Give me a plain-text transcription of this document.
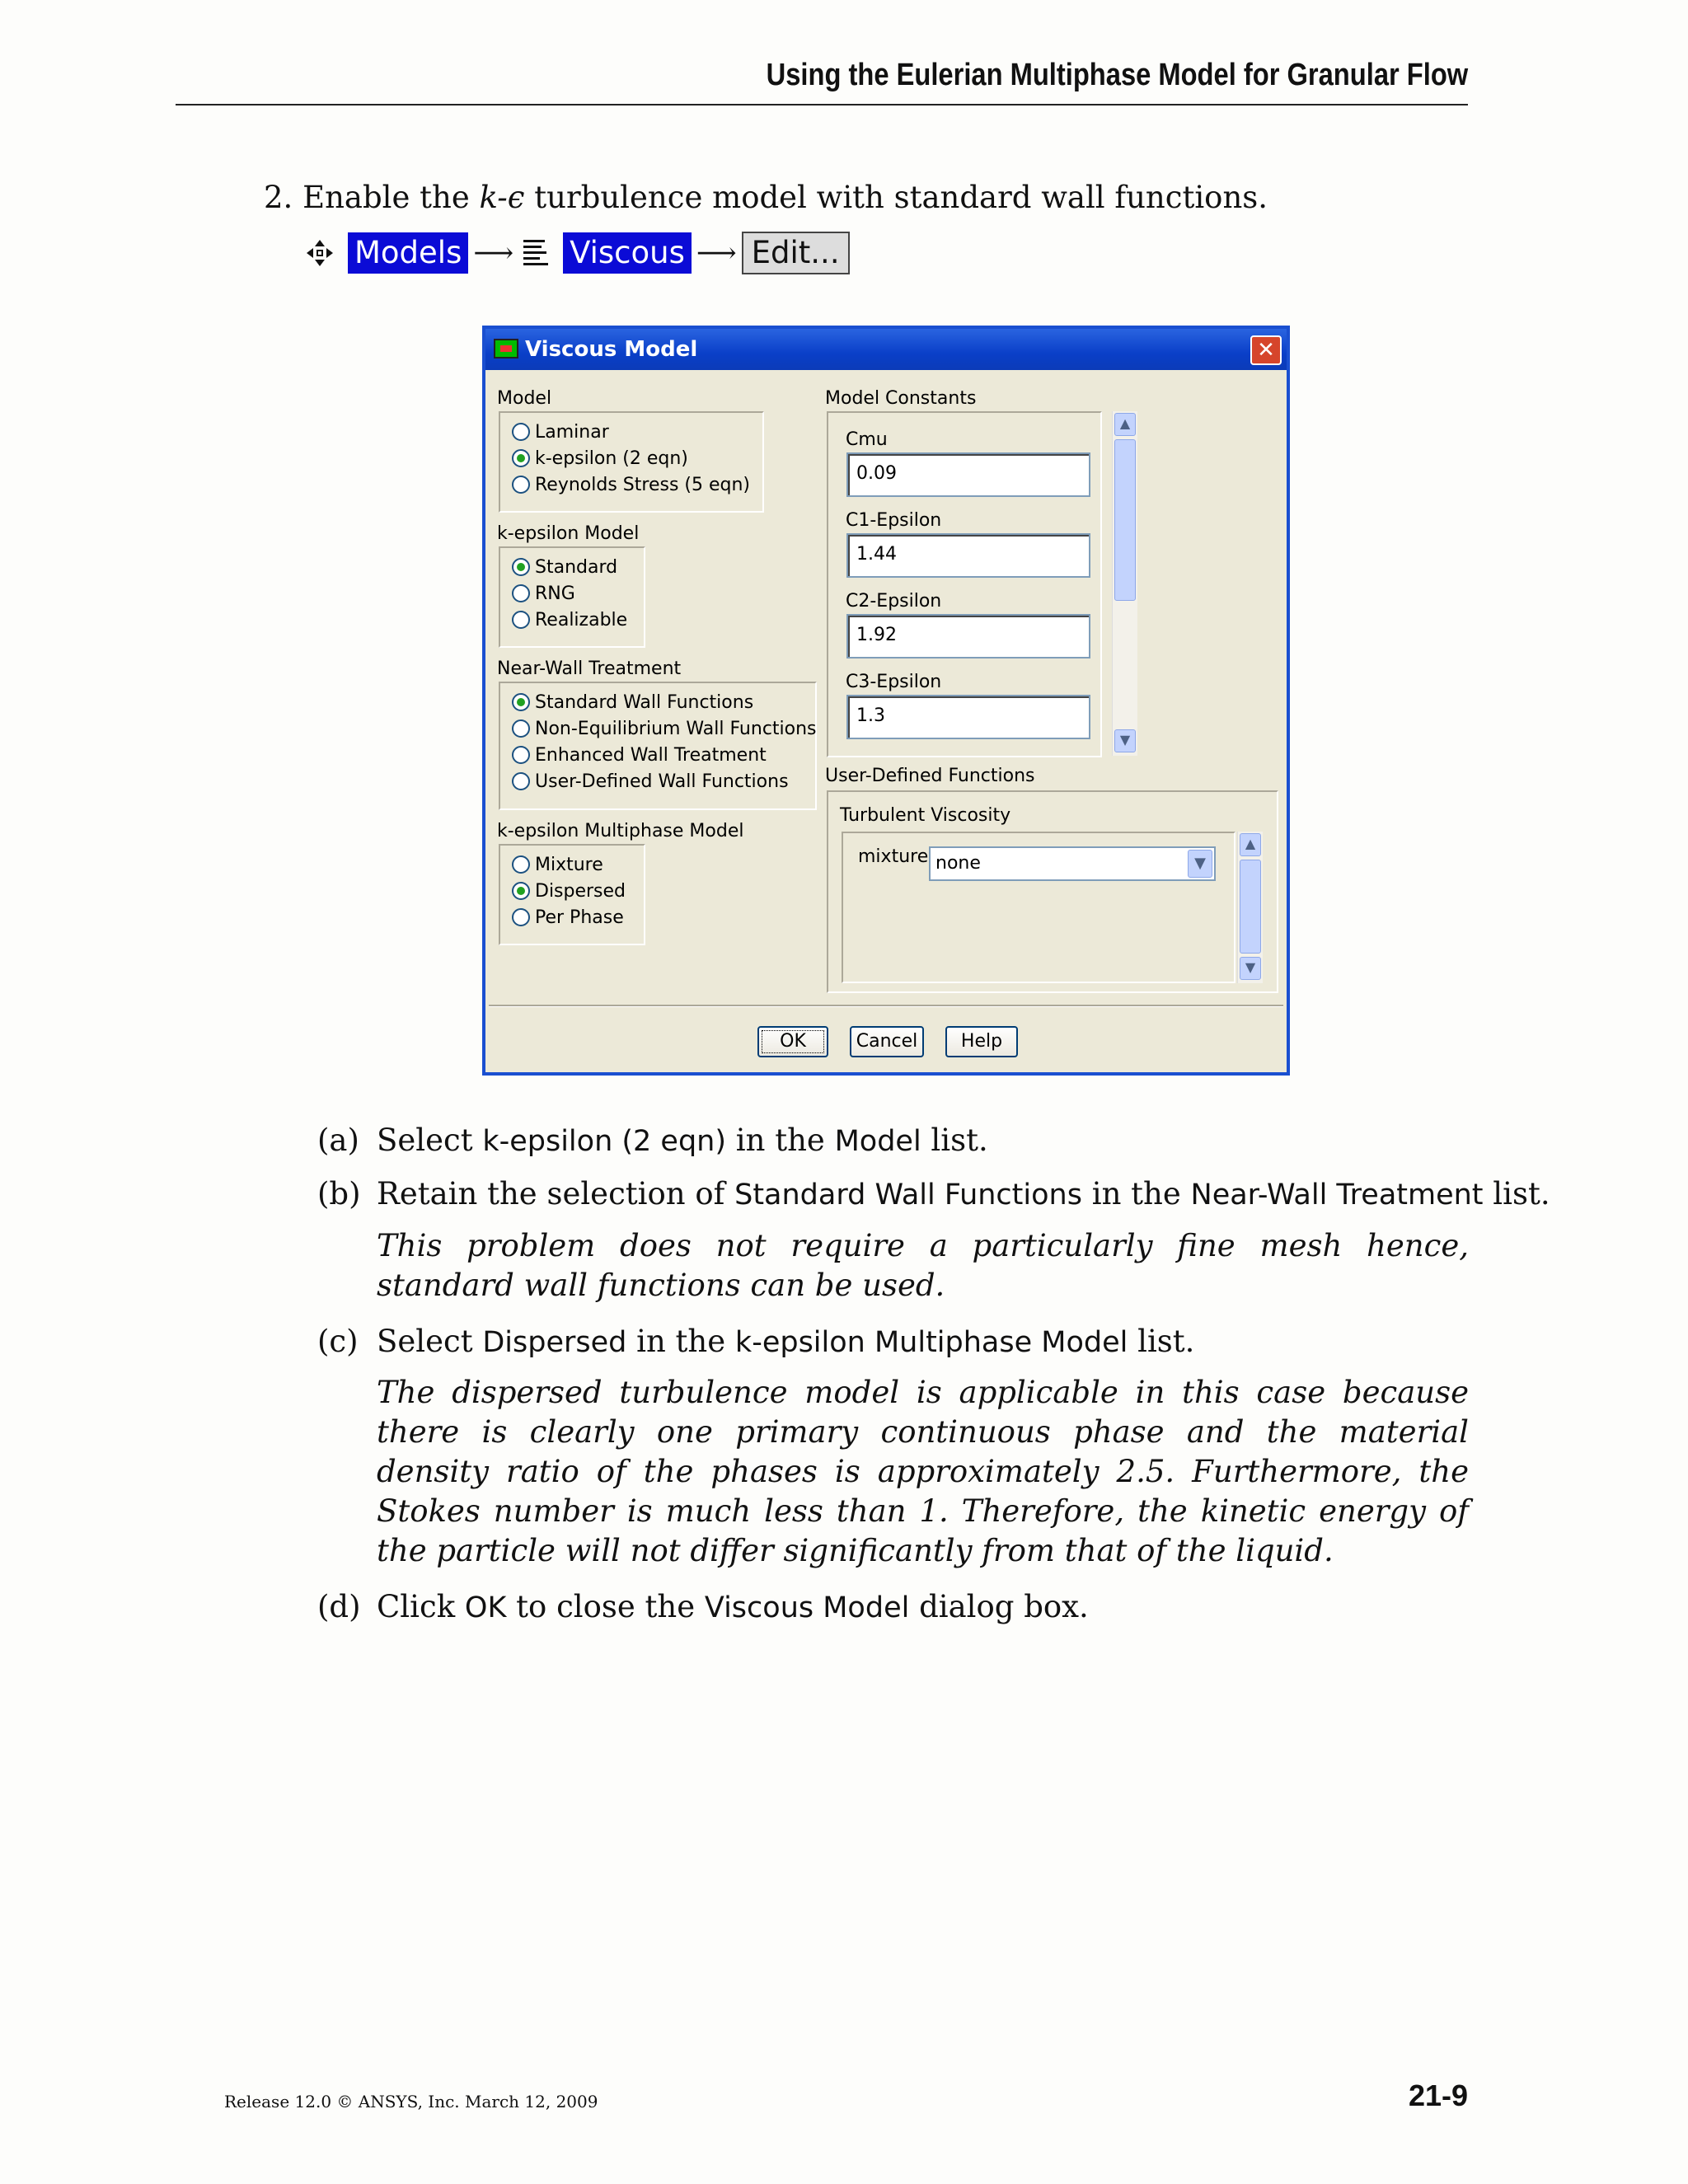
Using the Eulerian Multiphase Model for Granular Flow
2. Enable the k-ϵ turbulence model with standard wall functions.
Models ⟶ Viscous ⟶ Edit...
Viscous Model	✕
Model
Laminar
k-epsilon (2 eqn)
Reynolds Stress (5 eqn)
k-epsilon Model
Standard
RNG
Realizable
Near-Wall Treatment
Standard Wall Functions
Non-Equilibrium Wall Functions
Enhanced Wall Treatment
User-Defined Wall Functions
k-epsilon Multiphase Model
Mixture
Dispersed
Per Phase
Model Constants
Cmu
0.09
C1-Epsilon
1.44
C2-Epsilon
1.92
C3-Epsilon
1.3
▲
▼
User-Defined Functions
Turbulent Viscosity
mixture none	▼
▲
▼
OK	Cancel	Help
(a) Select k-epsilon (2 eqn) in the Model list.
(b) Retain the selection of Standard Wall Functions in the Near-Wall Treatment list.
This problem does not require a particularly fine mesh hence, standard wall functions can be used.
(c) Select Dispersed in the k-epsilon Multiphase Model list.
The dispersed turbulence model is applicable in this case because there is clearly one primary continuous phase and the material density ratio of the phases is approximately 2.5. Furthermore, the Stokes number is much less than 1. Therefore, the kinetic energy of the particle will not differ significantly from that of the liquid.
(d) Click OK to close the Viscous Model dialog box.
Release 12.0 © ANSYS, Inc. March 12, 2009	21-9
